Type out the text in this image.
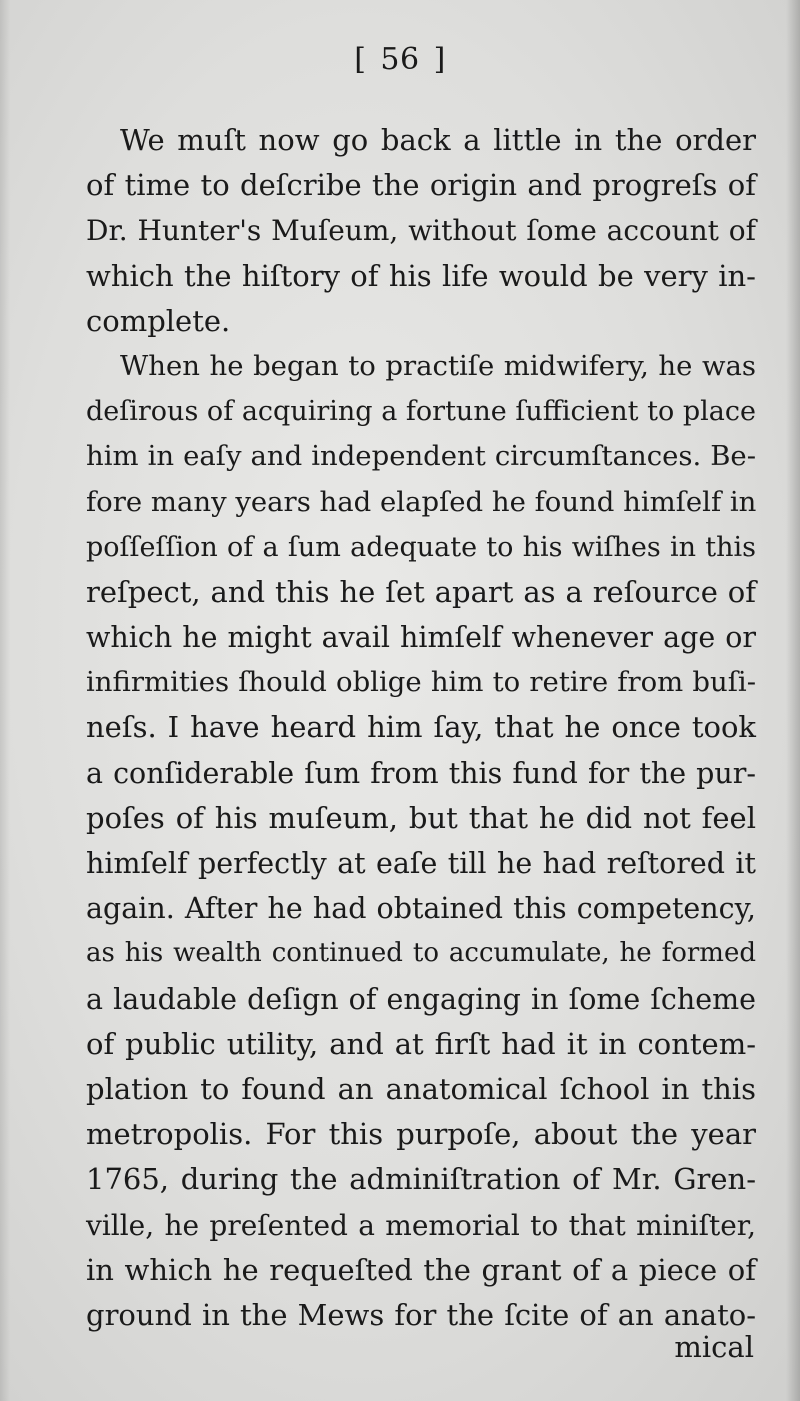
[ 56 ]
We muſt now go back a little in the order
of time to deſcribe the origin and progreſs of
Dr. Hunter's Muſeum, without ſome account of
which the hiſtory of his life would be very in-
complete.
When he began to practiſe midwifery, he was
deſirous of acquiring a fortune ſufficient to place
him in eaſy and independent circumſtances. Be-
fore many years had elapſed he found himſelf in
poſſeſſion of a ſum adequate to his wiſhes in this
reſpect, and this he ſet apart as a reſource of
which he might avail himſelf whenever age or
infirmities ſhould oblige him to retire from buſi-
neſs. I have heard him ſay, that he once took
a conſiderable ſum from this fund for the pur-
poſes of his muſeum, but that he did not feel
himſelf perfectly at eaſe till he had reſtored it
again. After he had obtained this competency,
as his wealth continued to accumulate, he formed
a laudable deſign of engaging in ſome ſcheme
of public utility, and at firſt had it in contem-
plation to found an anatomical ſchool in this
metropolis. For this purpoſe, about the year
1765, during the adminiſtration of Mr. Gren-
ville, he preſented a memorial to that miniſter,
in which he requeſted the grant of a piece of
ground in the Mews for the ſcite of an anato-
mical
